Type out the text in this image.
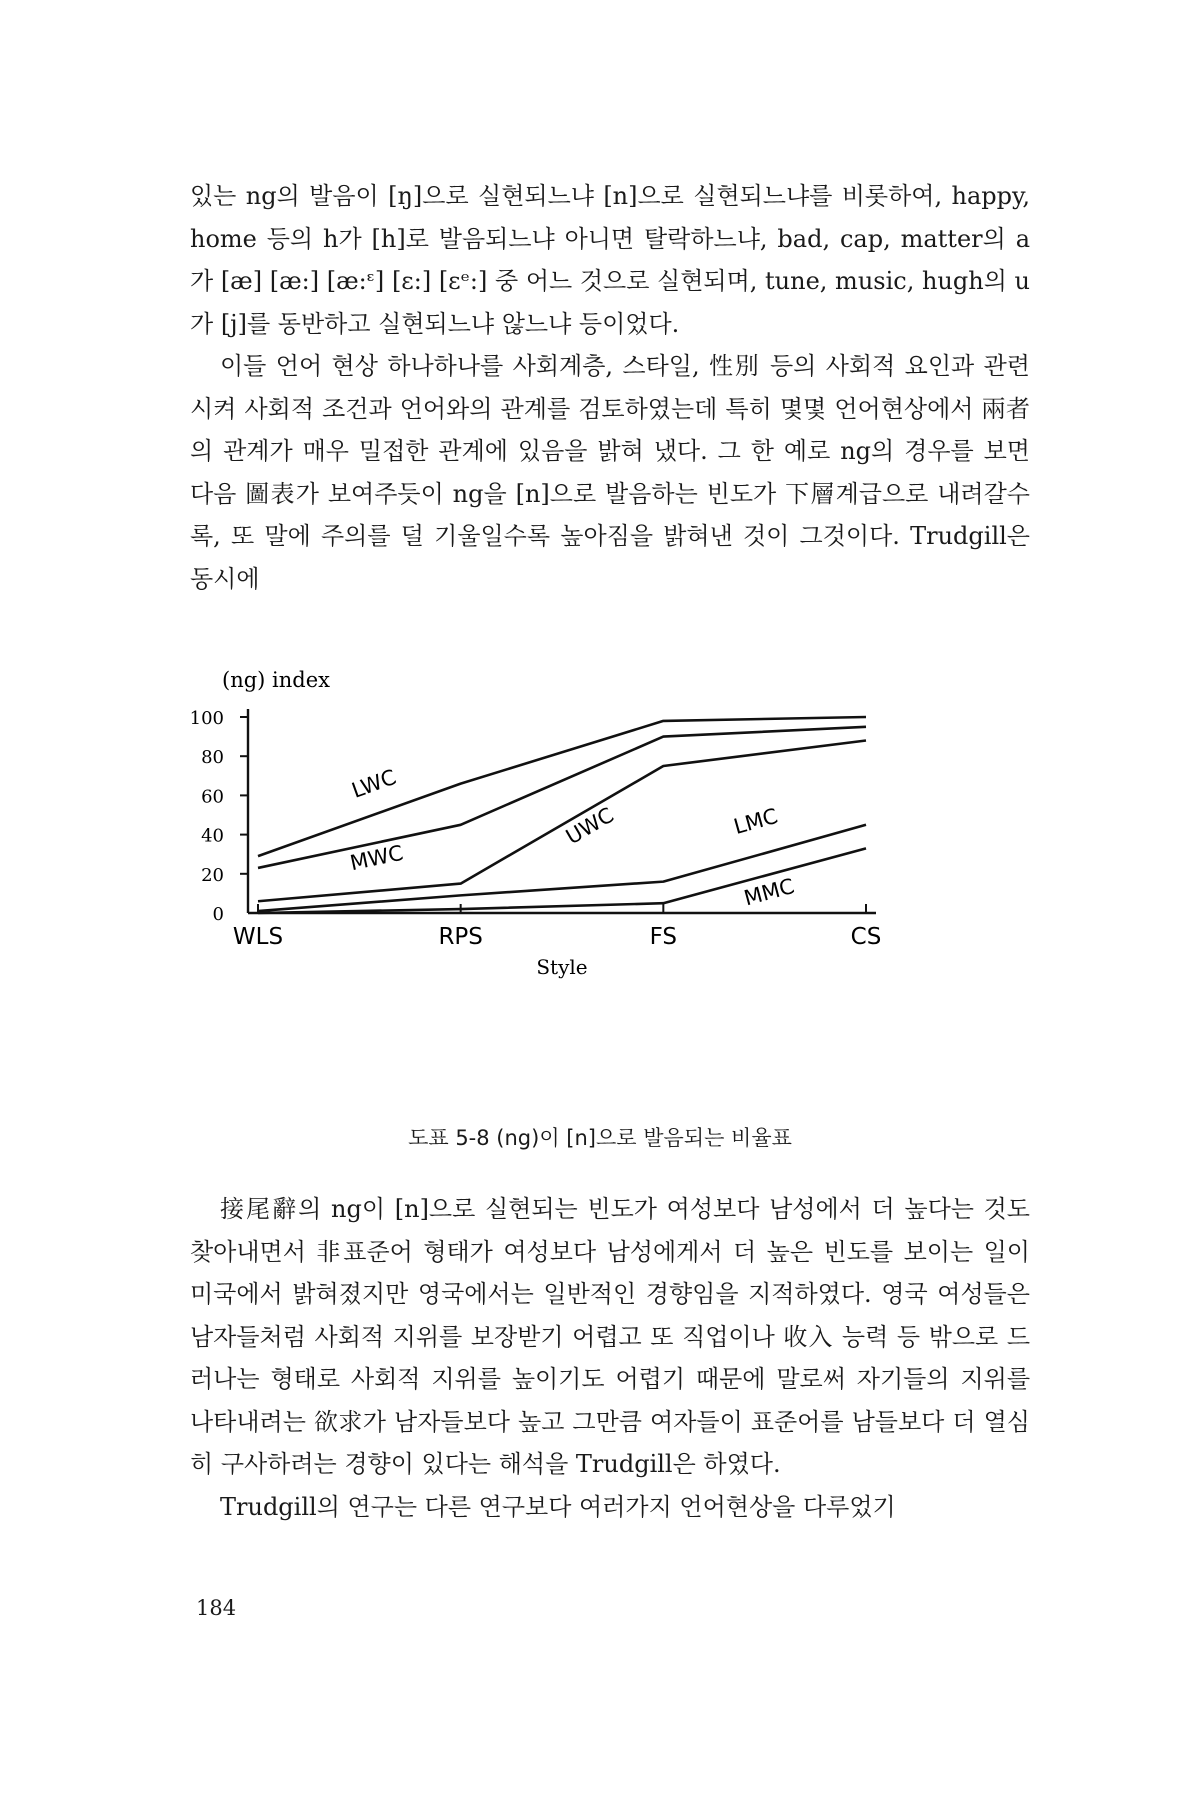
있는 ng의 발음이 [ŋ]으로 실현되느냐 [n]으로 실현되느냐를 비롯하여, happy, home 등의 h가 [h]로 발음되느냐 아니면 탈락하느냐, bad, cap, matter의 a가 [æ] [æ:] [æ:ᵋ] [ɛ:] [ɛᵉ:] 중 어느 것으로 실현되며, tune, music, hugh의 u가 [j]를 동반하고 실현되느냐 않느냐 등이었다.

이들 언어 현상 하나하나를 사회계층, 스타일, 性別 등의 사회적 요인과 관련시켜 사회적 조건과 언어와의 관계를 검토하였는데 특히 몇몇 언어현상에서 兩者의 관계가 매우 밀접한 관계에 있음을 밝혀 냈다. 그 한 예로 ng의 경우를 보면 다음 圖表가 보여주듯이 ng을 [n]으로 발음하는 빈도가 下層계급으로 내려갈수록, 또 말에 주의를 덜 기울일수록 높아짐을 밝혀낸 것이 그것이다. Trudgill은 동시에

0
20
40
60
80
100
WLS	RPS	FS	CS
(ng) index
Style
LWC
MWC
UWC	LMC
MMC
도표 5-8 (ng)이 [n]으로 발음되는 비율표

接尾辭의 ng이 [n]으로 실현되는 빈도가 여성보다 남성에서 더 높다는 것도 찾아내면서 非표준어 형태가 여성보다 남성에게서 더 높은 빈도를 보이는 일이 미국에서 밝혀졌지만 영국에서는 일반적인 경향임을 지적하였다. 영국 여성들은 남자들처럼 사회적 지위를 보장받기 어렵고 또 직업이나 收入 능력 등 밖으로 드러나는 형태로 사회적 지위를 높이기도 어렵기 때문에 말로써 자기들의 지위를 나타내려는 欲求가 남자들보다 높고 그만큼 여자들이 표준어를 남들보다 더 열심히 구사하려는 경향이 있다는 해석을 Trudgill은 하였다.

Trudgill의 연구는 다른 연구보다 여러가지 언어현상을 다루었기

184
